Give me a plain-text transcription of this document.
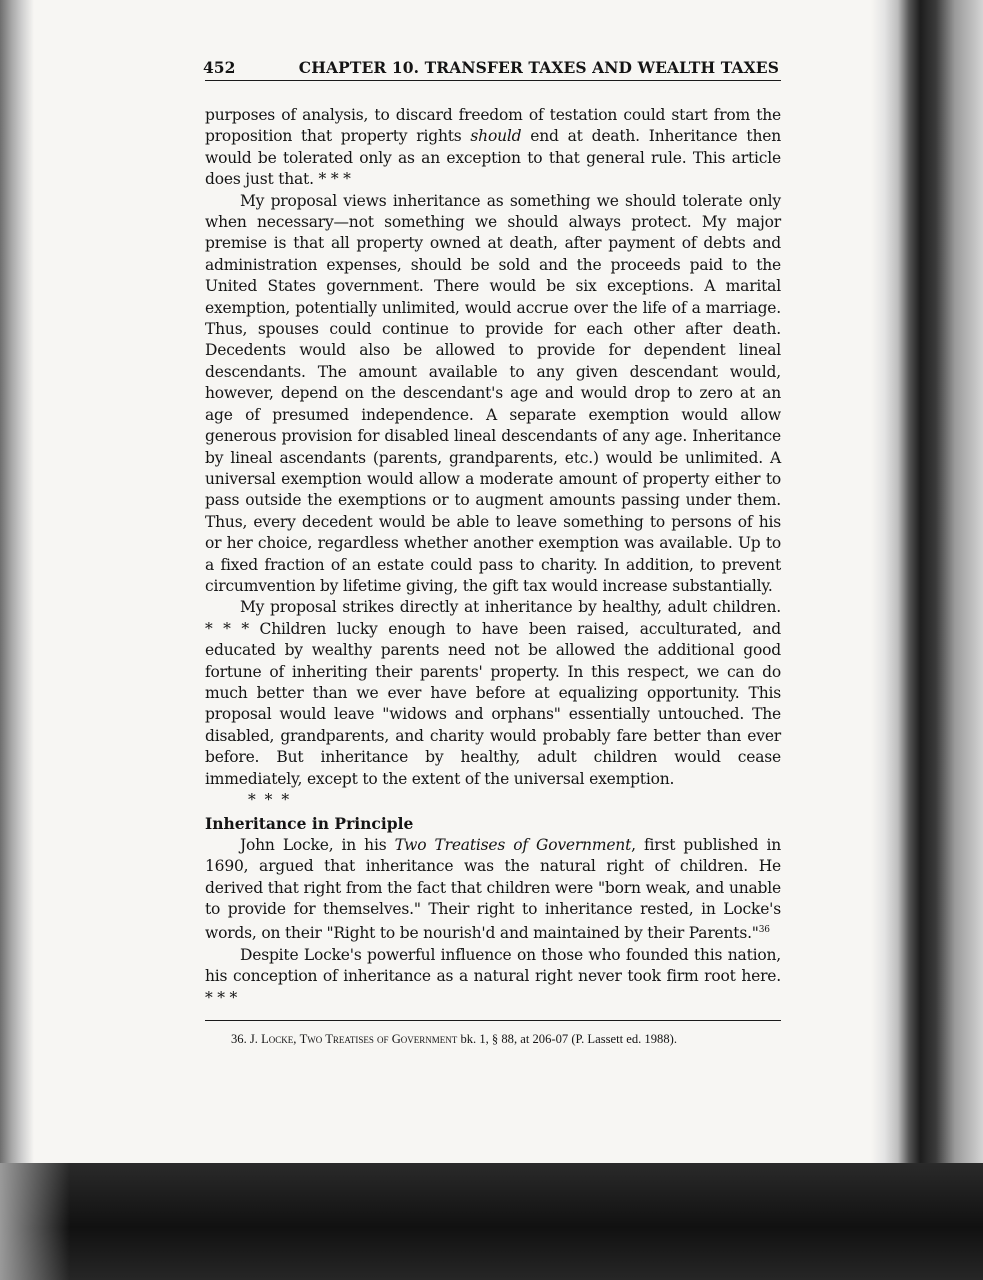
452	CHAPTER 10. TRANSFER TAXES AND WEALTH TAXES

purposes of analysis, to discard freedom of testation could start from the proposition that property rights should end at death. Inheritance then would be tolerated only as an exception to that general rule. This article does just that. * * *

My proposal views inheritance as something we should tolerate only when necessary—not something we should always protect. My major premise is that all property owned at death, after payment of debts and administration expenses, should be sold and the proceeds paid to the United States government. There would be six exceptions. A marital exemption, potentially unlimited, would accrue over the life of a marriage. Thus, spouses could continue to provide for each other after death. Decedents would also be allowed to provide for dependent lineal descendants. The amount available to any given descendant would, however, depend on the descendant's age and would drop to zero at an age of presumed independence. A separate exemption would allow generous provision for disabled lineal descendants of any age. Inheritance by lineal ascendants (parents, grandparents, etc.) would be unlimited. A universal exemption would allow a moderate amount of property either to pass outside the exemptions or to augment amounts passing under them. Thus, every decedent would be able to leave something to persons of his or her choice, regardless whether another exemption was available. Up to a fixed fraction of an estate could pass to charity. In addition, to prevent circumvention by lifetime giving, the gift tax would increase substantially.

My proposal strikes directly at inheritance by healthy, adult children. * * * Children lucky enough to have been raised, acculturated, and educated by wealthy parents need not be allowed the additional good fortune of inheriting their parents' property. In this respect, we can do much better than we ever have before at equalizing opportunity. This proposal would leave "widows and orphans" essentially untouched. The disabled, grandparents, and charity would probably fare better than ever before. But inheritance by healthy, adult children would cease immediately, except to the extent of the universal exemption.

* * *
Inheritance in Principle

John Locke, in his Two Treatises of Government, first published in 1690, argued that inheritance was the natural right of children. He derived that right from the fact that children were "born weak, and unable to provide for themselves." Their right to inheritance rested, in Locke's words, on their "Right to be nourish'd and maintained by their Parents."$^{36}$

Despite Locke's powerful influence on those who founded this nation, his conception of inheritance as a natural right never took firm root here. * * *

36. J. Locke, Two Treatises of Government bk. 1, § 88, at 206-07 (P. Lassett ed. 1988).
